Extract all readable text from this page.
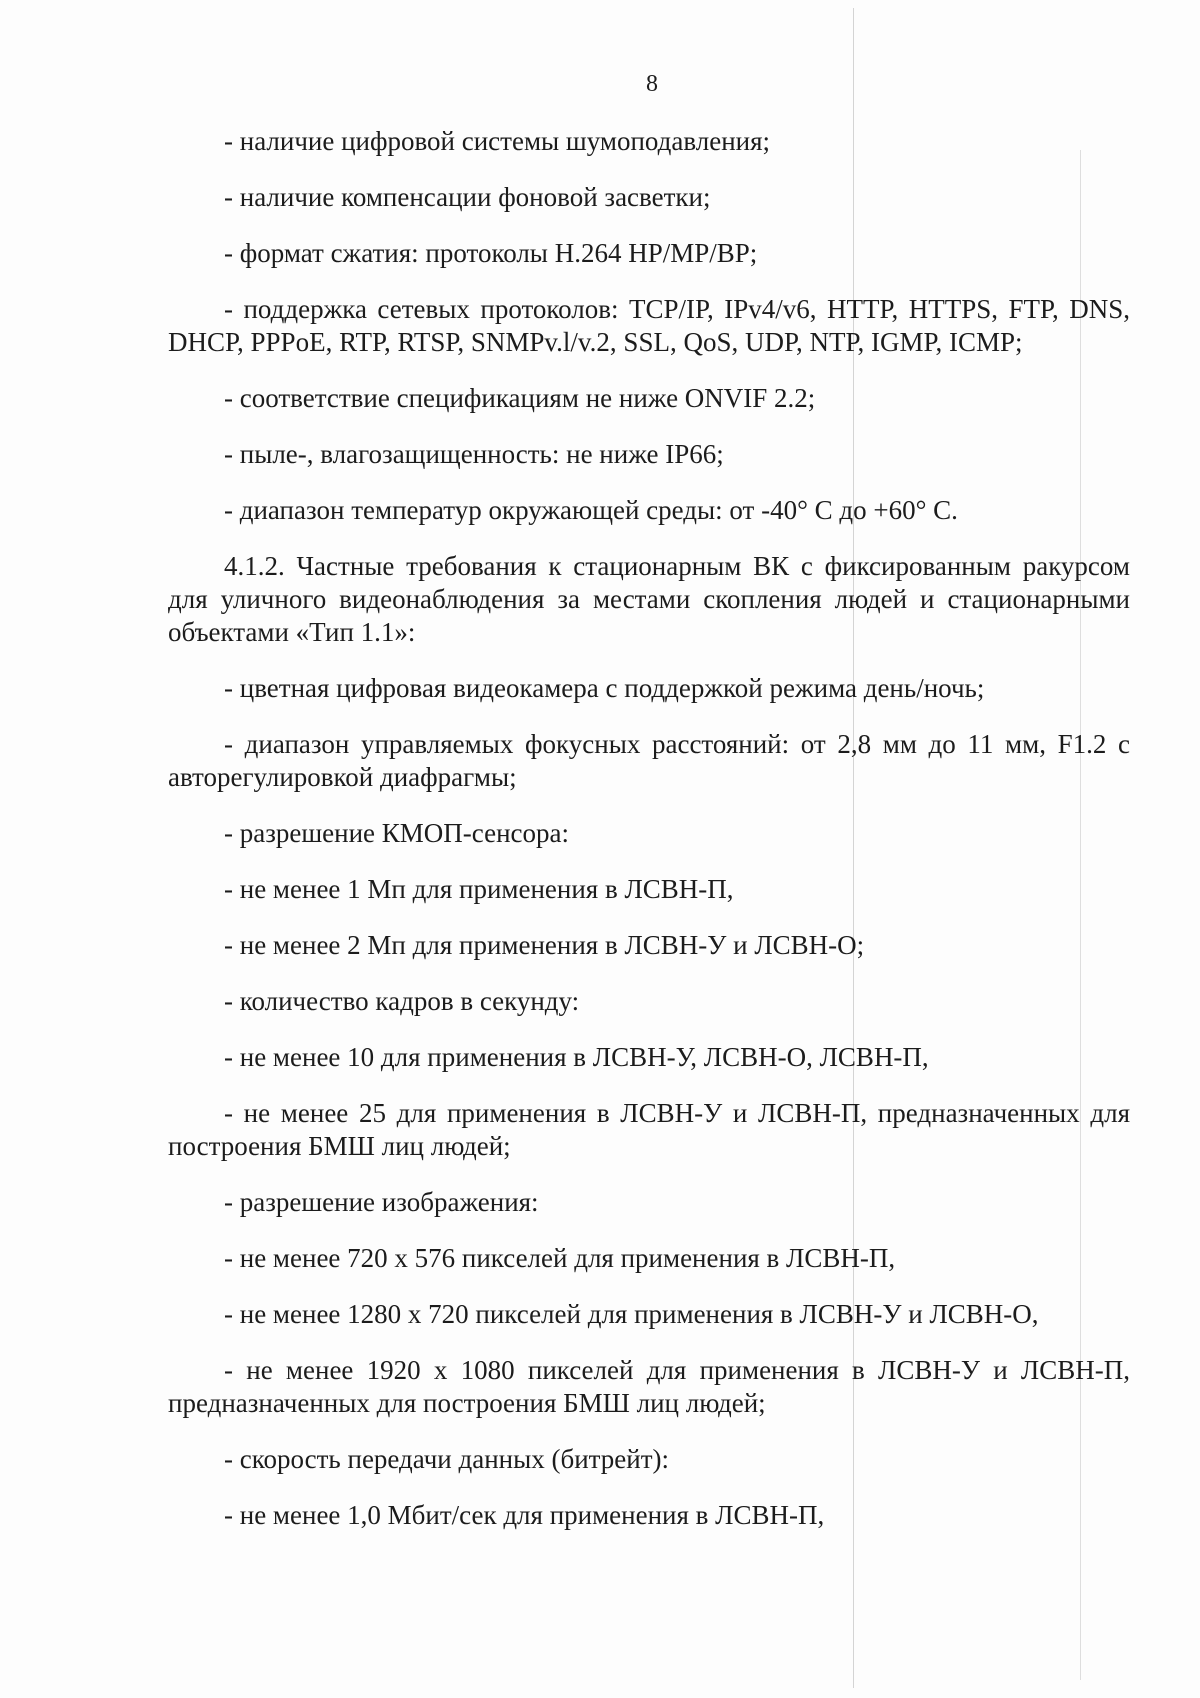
8

- наличие цифровой системы шумоподавления;

- наличие компенсации фоновой засветки;

- формат сжатия: протоколы Н.264 HP/MP/BP;

- поддержка сетевых протоколов: TCP/IP, IPv4/v6, HTTP, HTTPS, FTP, DNS, DHCP, PPPoE, RTP, RTSP, SNMPv.l/v.2, SSL, QoS, UDP, NTP, IGMP, ICMP;

- соответствие спецификациям не ниже ONVIF 2.2;

- пыле-, влагозащищенность: не ниже IP66;

- диапазон температур окружающей среды: от -40° С до +60° С.

4.1.2. Частные требования к стационарным ВК с фиксированным ракурсом для уличного видеонаблюдения за местами скопления людей и стационарными объектами «Тип 1.1»:

- цветная цифровая видеокамера с поддержкой режима день/ночь;

- диапазон управляемых фокусных расстояний: от 2,8 мм до 11 мм, F1.2 с авторегулировкой диафрагмы;

- разрешение КМОП-сенсора:

- не менее 1 Мп для применения в ЛСВН-П,

- не менее 2 Мп для применения в ЛСВН-У и ЛСВН-О;

- количество кадров в секунду:

- не менее 10 для применения в ЛСВН-У, ЛСВН-О, ЛСВН-П,

- не менее 25 для применения в ЛСВН-У и ЛСВН-П, предназначенных для построения БМШ лиц людей;

- разрешение изображения:

- не менее 720 х 576 пикселей для применения в ЛСВН-П,

- не менее 1280 х 720 пикселей для применения в ЛСВН-У и ЛСВН-О,

- не менее 1920 х 1080 пикселей для применения в ЛСВН-У и ЛСВН-П, предназначенных для построения БМШ лиц людей;

- скорость передачи данных (битрейт):

- не менее 1,0 Мбит/сек для применения в ЛСВН-П,
